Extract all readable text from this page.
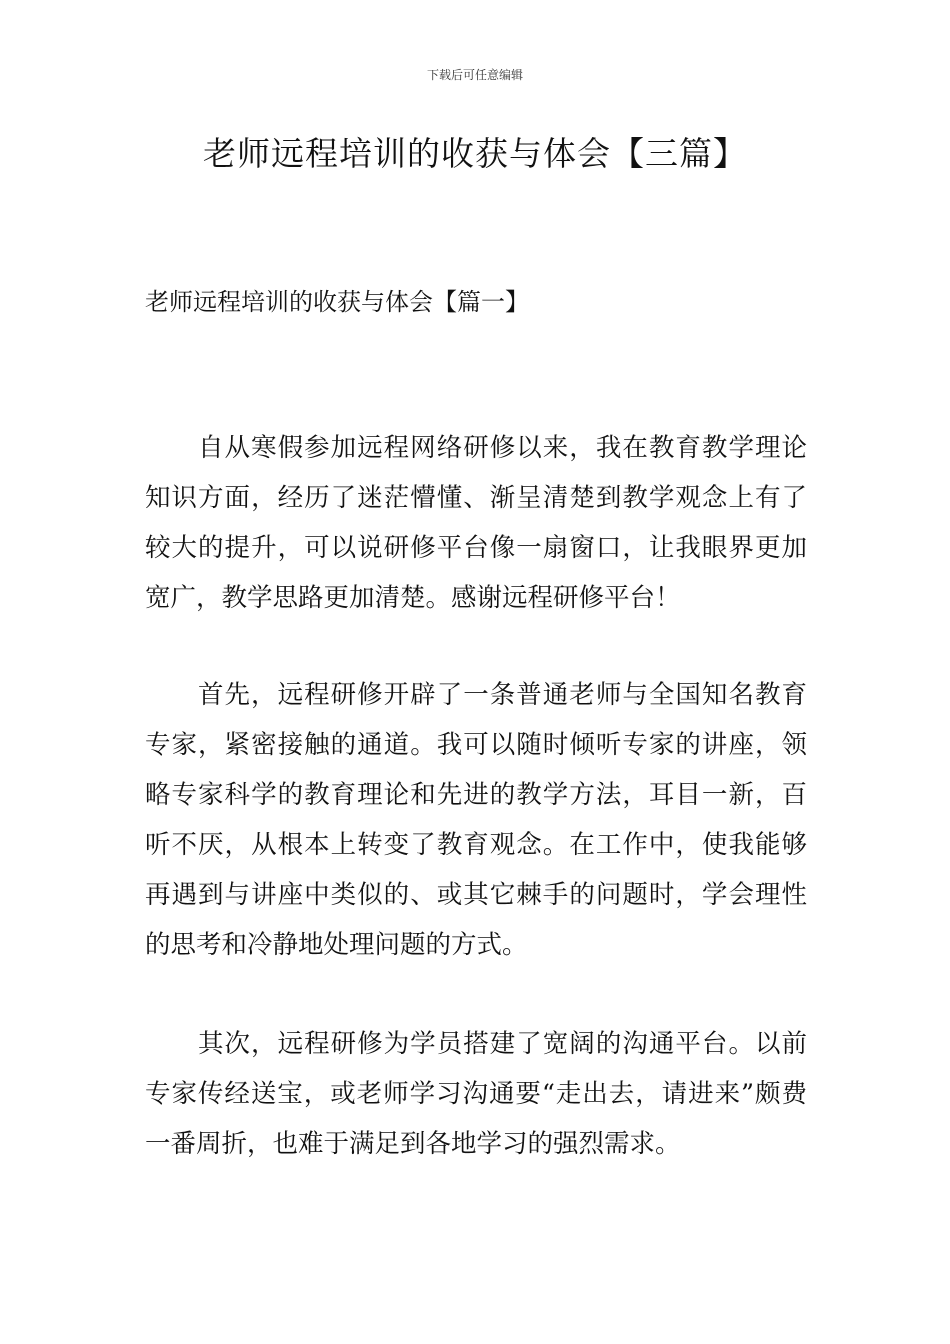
下载后可任意编辑
老师远程培训的收获与体会【三篇】
老师远程培训的收获与体会【篇一】

自从寒假参加远程网络研修以来，我在教育教学理论知识方面，经历了迷茫懵懂、渐呈清楚到教学观念上有了较大的提升，可以说研修平台像一扇窗口，让我眼界更加宽广，教学思路更加清楚。感谢远程研修平台！

首先，远程研修开辟了一条普通老师与全国知名教育专家，紧密接触的通道。我可以随时倾听专家的讲座，领略专家科学的教育理论和先进的教学方法，耳目一新，百听不厌，从根本上转变了教育观念。在工作中，使我能够再遇到与讲座中类似的、或其它棘手的问题时，学会理性的思考和冷静地处理问题的方式。

其次，远程研修为学员搭建了宽阔的沟通平台。以前专家传经送宝，或老师学习沟通要“走出去，请进来”颇费一番周折，也难于满足到各地学习的强烈需求。
